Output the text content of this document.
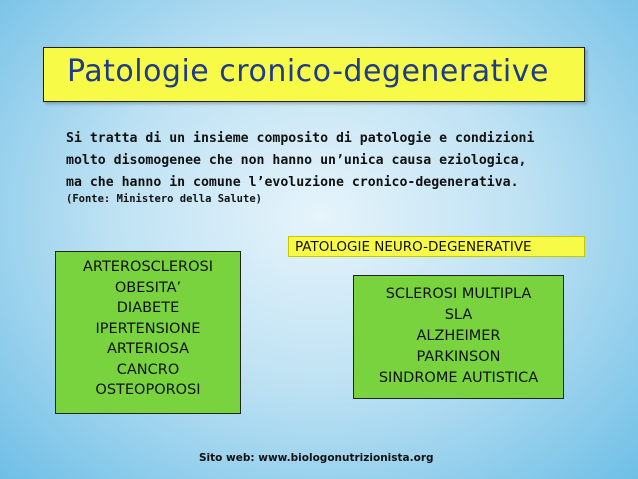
Patologie cronico-degenerative
Si tratta di un insieme composito di patologie e condizioni
molto disomogenee che non hanno un’unica causa eziologica,
ma che hanno in comune l’evoluzione cronico-degenerativa.
(Fonte: Ministero della Salute)
PATOLOGIE NEURO-DEGENERATIVE
ARTEROSCLEROSI
OBESITA’
DIABETE
IPERTENSIONE
ARTERIOSA
CANCRO
OSTEOPOROSI
SCLEROSI MULTIPLA
SLA
ALZHEIMER
PARKINSON
SINDROME AUTISTICA
Sito web: www.biologonutrizionista.org
